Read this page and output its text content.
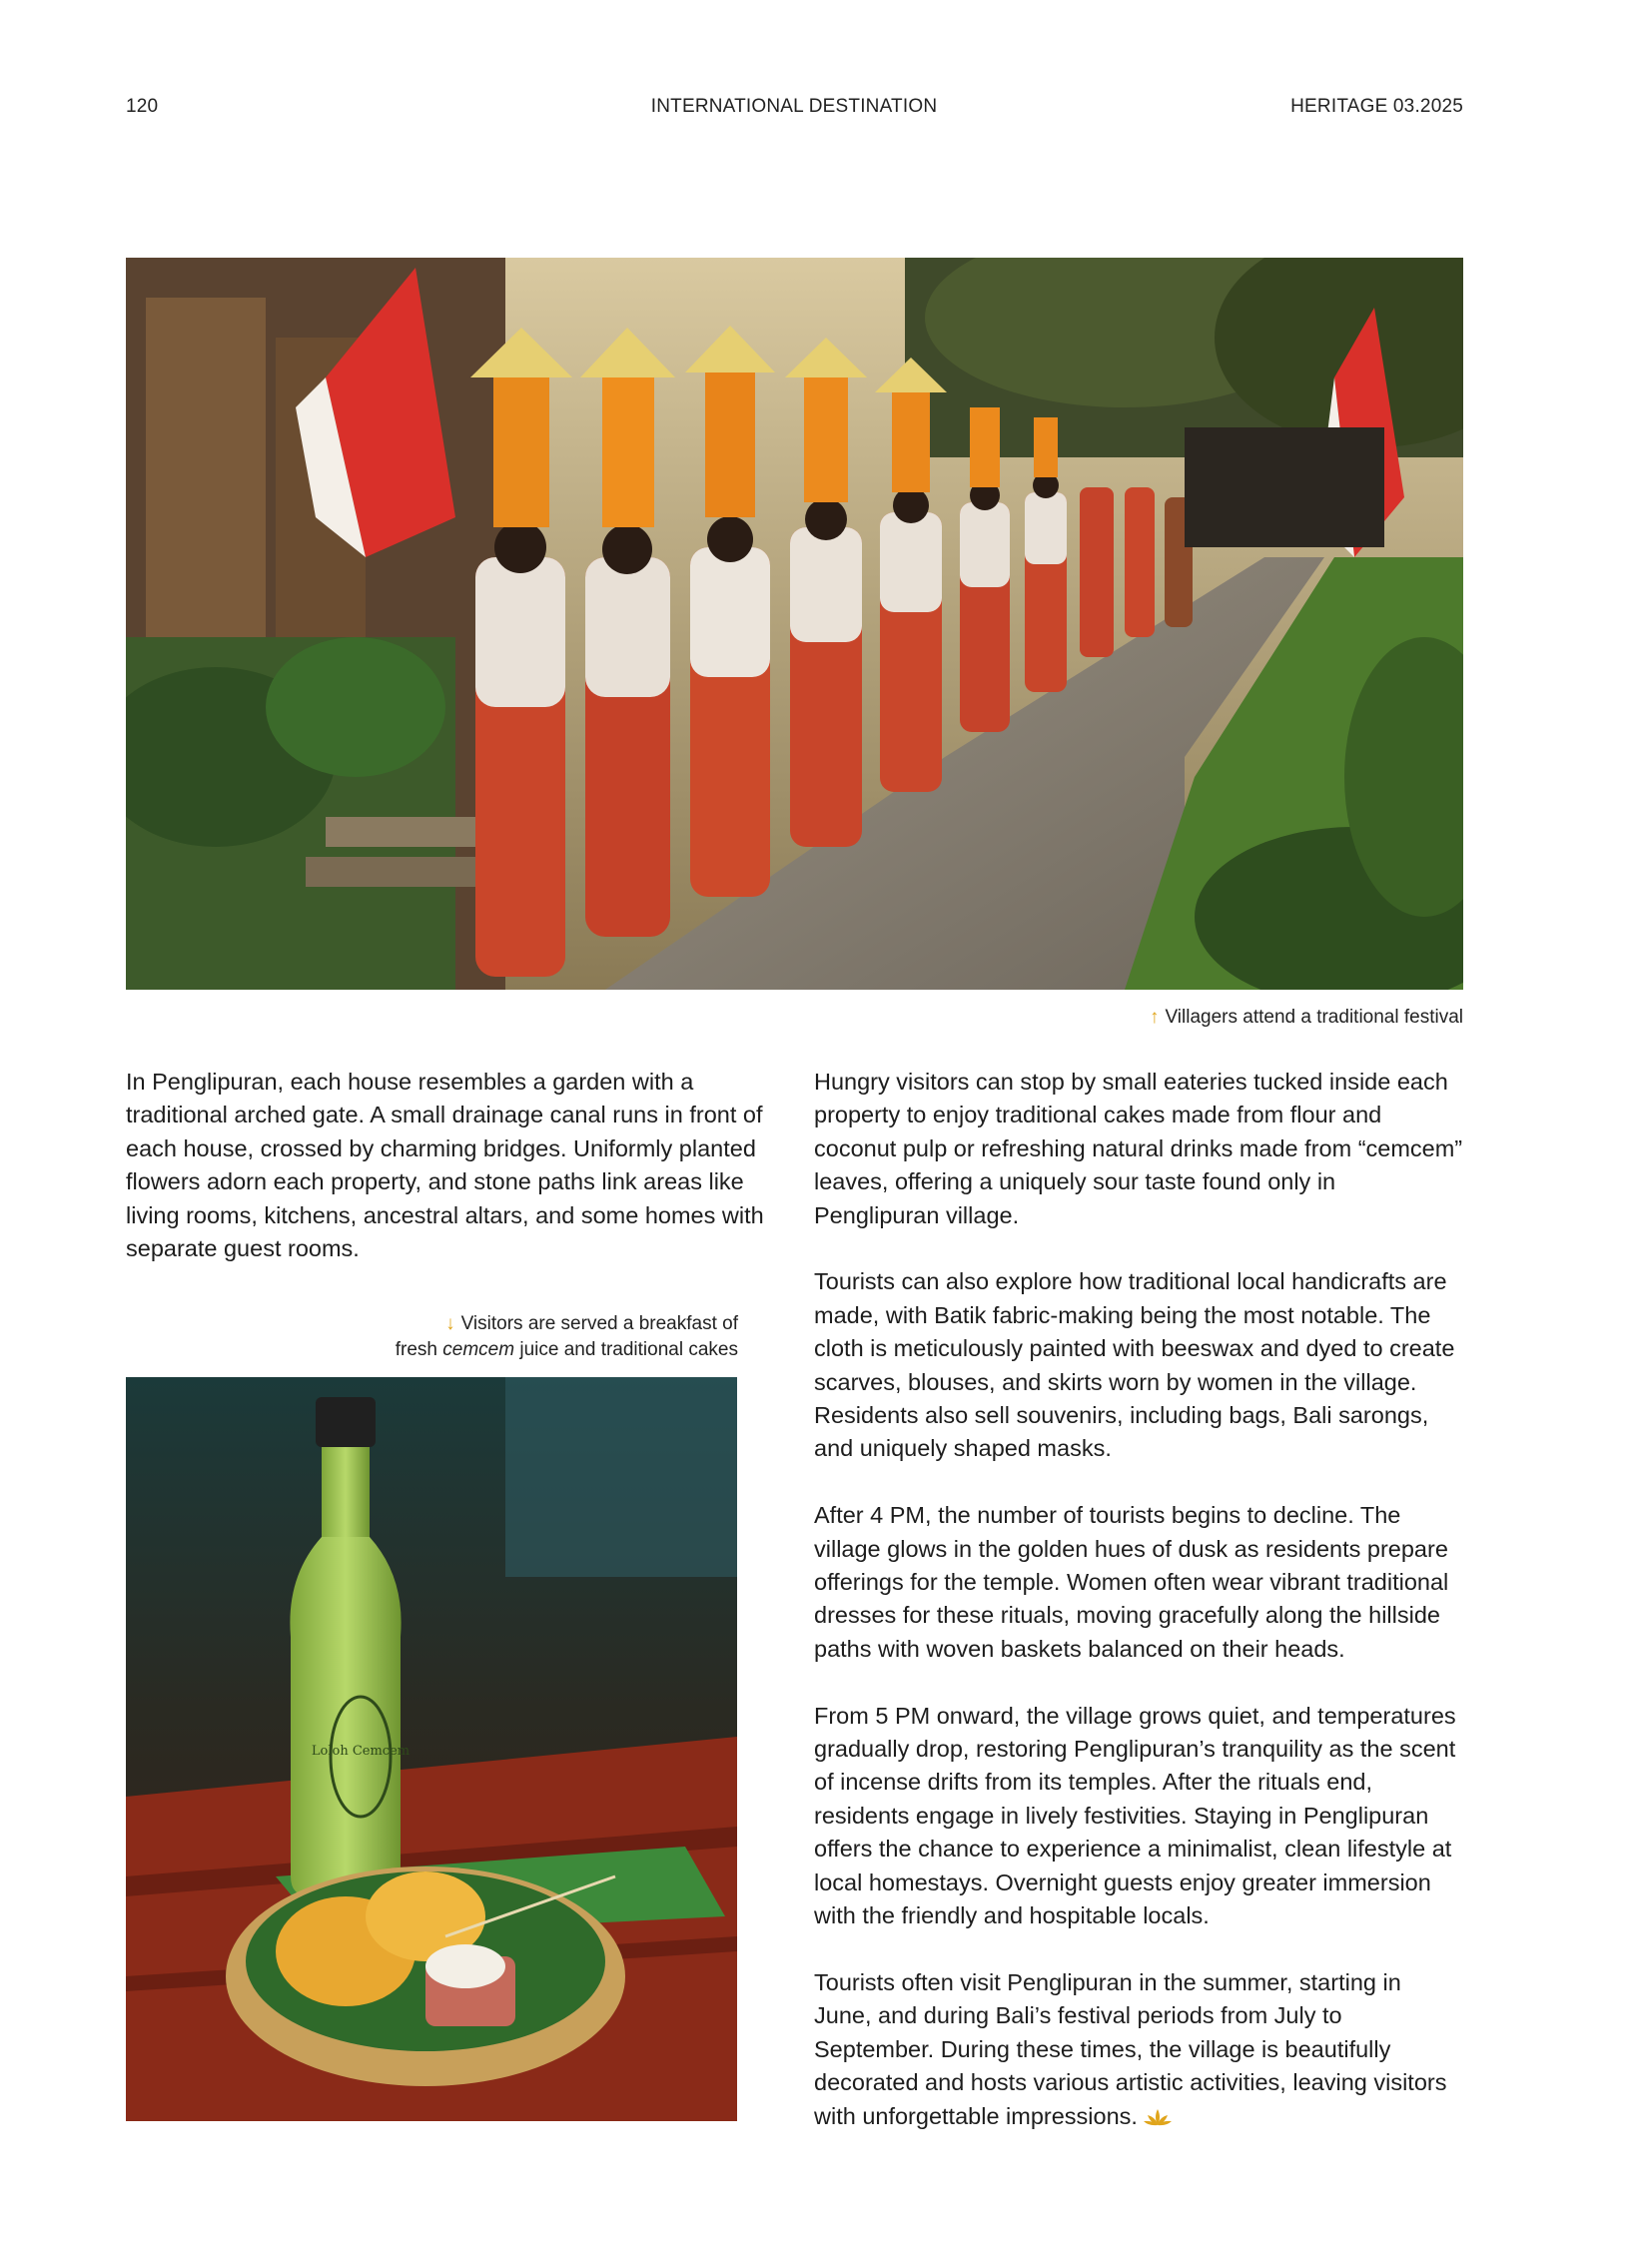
120	INTERNATIONAL DESTINATION	HERITAGE 03.2025
↑ Villagers attend a traditional festival

In Penglipuran, each house resembles a garden with a traditional arched gate. A small drainage canal runs in front of each house, crossed by charming bridges. Uniformly planted flowers adorn each property, and stone paths link areas like living rooms, kitchens, ancestral altars, and some homes with separate guest rooms.

↓ Visitors are served a breakfast of
fresh cemcem juice and traditional cakes
Loloh Cemcem

Hungry visitors can stop by small eateries tucked inside each property to enjoy traditional cakes made from flour and coconut pulp or refreshing natural drinks made from “cemcem” leaves, offering a uniquely sour taste found only in Penglipuran village.

Tourists can also explore how traditional local handicrafts are made, with Batik fabric-making being the most notable. The cloth is meticulously painted with beeswax and dyed to create scarves, blouses, and skirts worn by women in the village. Residents also sell souvenirs, including bags, Bali sarongs, and uniquely shaped masks.

After 4 PM, the number of tourists begins to decline. The village glows in the golden hues of dusk as residents prepare offerings for the temple. Women often wear vibrant traditional dresses for these rituals, moving gracefully along the hillside paths with woven baskets balanced on their heads.

From 5 PM onward, the village grows quiet, and temperatures gradually drop, restoring Penglipuran’s tranquility as the scent of incense drifts from its temples. After the rituals end, residents engage in lively festivities. Staying in Penglipuran offers the chance to experience a minimalist, clean lifestyle at local homestays. Overnight guests enjoy greater immersion with the friendly and hospitable locals.

Tourists often visit Penglipuran in the summer, starting in June, and during Bali’s festival periods from July to September. During these times, the village is beautifully decorated and hosts various artistic activities, leaving visitors with unforgettable impressions.
